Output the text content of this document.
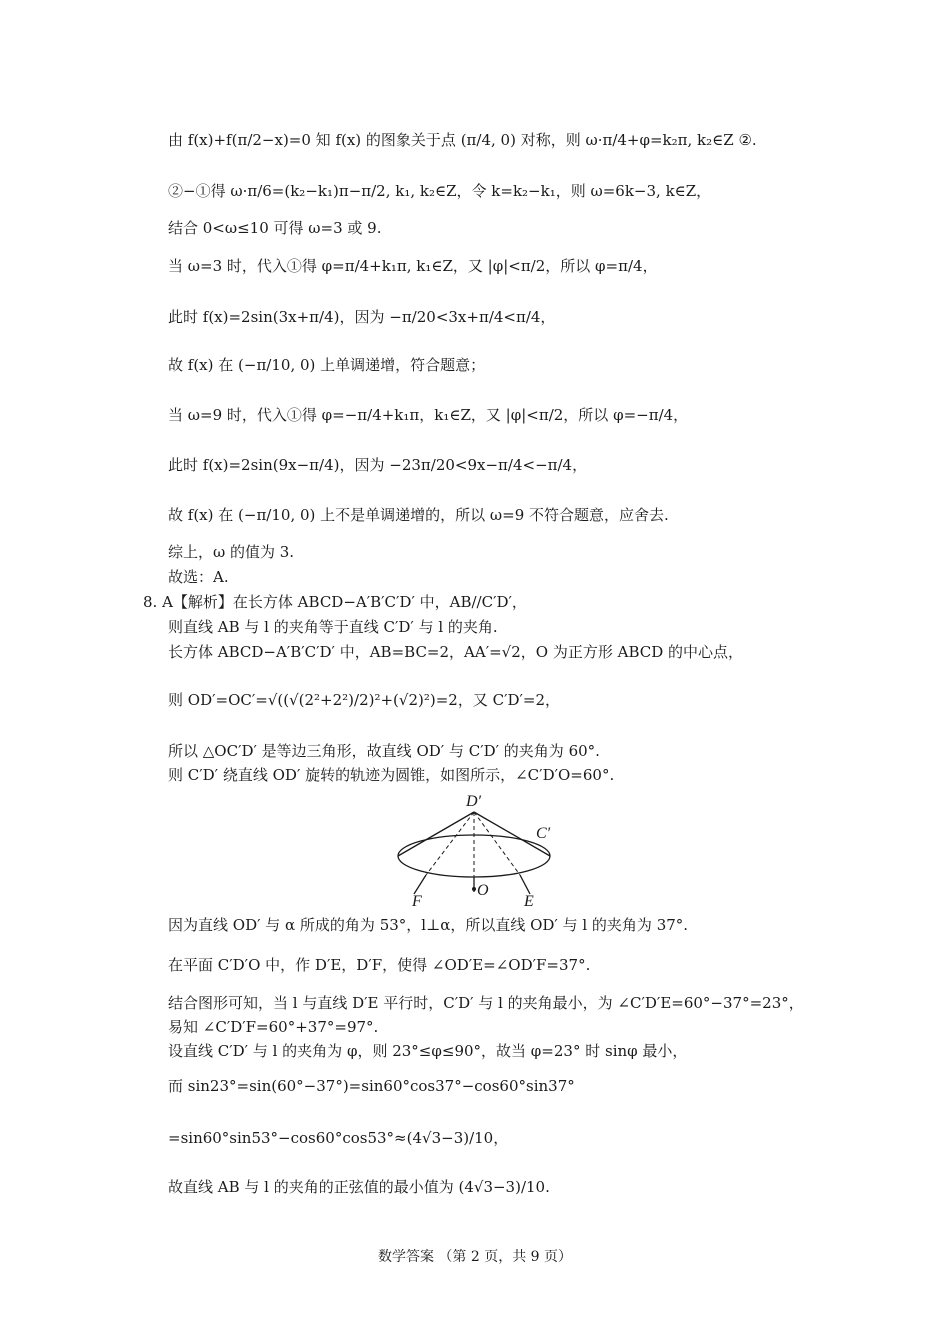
由 f(x)+f(π/2−x)=0 知 f(x) 的图象关于点 (π/4, 0) 对称，则 ω·π/4+φ=k₂π, k₂∈Z ②.
②−①得 ω·π/6=(k₂−k₁)π−π/2, k₁, k₂∈Z，令 k=k₂−k₁，则 ω=6k−3, k∈Z，
结合 0<ω≤10 可得 ω=3 或 9.
当 ω=3 时，代入①得 φ=π/4+k₁π, k₁∈Z，又 |φ|<π/2，所以 φ=π/4，
此时 f(x)=2sin(3x+π/4)，因为 −π/20<3x+π/4<π/4，
故 f(x) 在 (−π/10, 0) 上单调递增，符合题意；
当 ω=9 时，代入①得 φ=−π/4+k₁π，k₁∈Z，又 |φ|<π/2，所以 φ=−π/4，
此时 f(x)=2sin(9x−π/4)，因为 −23π/20<9x−π/4<−π/4，
故 f(x) 在 (−π/10, 0) 上不是单调递增的，所以 ω=9 不符合题意，应舍去.
综上，ω 的值为 3.
故选：A.
8. A【解析】在长方体 ABCD−A′B′C′D′ 中，AB//C′D′，
则直线 AB 与 l 的夹角等于直线 C′D′ 与 l 的夹角.
长方体 ABCD−A′B′C′D′ 中，AB=BC=2，AA′=√2，O 为正方形 ABCD 的中心点，
则 OD′=OC′=√((√(2²+2²)/2)²+(√2)²)=2，又 C′D′=2，
所以 △OC′D′ 是等边三角形，故直线 OD′ 与 C′D′ 的夹角为 60°.
则 C′D′ 绕直线 OD′ 旋转的轨迹为圆锥，如图所示，∠C′D′O=60°.
D′
C′
F
O
E
因为直线 OD′ 与 α 所成的角为 53°，l⊥α，所以直线 OD′ 与 l 的夹角为 37°.
在平面 C′D′O 中，作 D′E，D′F，使得 ∠OD′E=∠OD′F=37°.
结合图形可知，当 l 与直线 D′E 平行时，C′D′ 与 l 的夹角最小，为 ∠C′D′E=60°−37°=23°，
易知 ∠C′D′F=60°+37°=97°.
设直线 C′D′ 与 l 的夹角为 φ，则 23°≤φ≤90°，故当 φ=23° 时 sinφ 最小，
而 sin23°=sin(60°−37°)=sin60°cos37°−cos60°sin37°
=sin60°sin53°−cos60°cos53°≈(4√3−3)/10，
故直线 AB 与 l 的夹角的正弦值的最小值为 (4√3−3)/10.
数学答案 （第 2 页，共 9 页）
